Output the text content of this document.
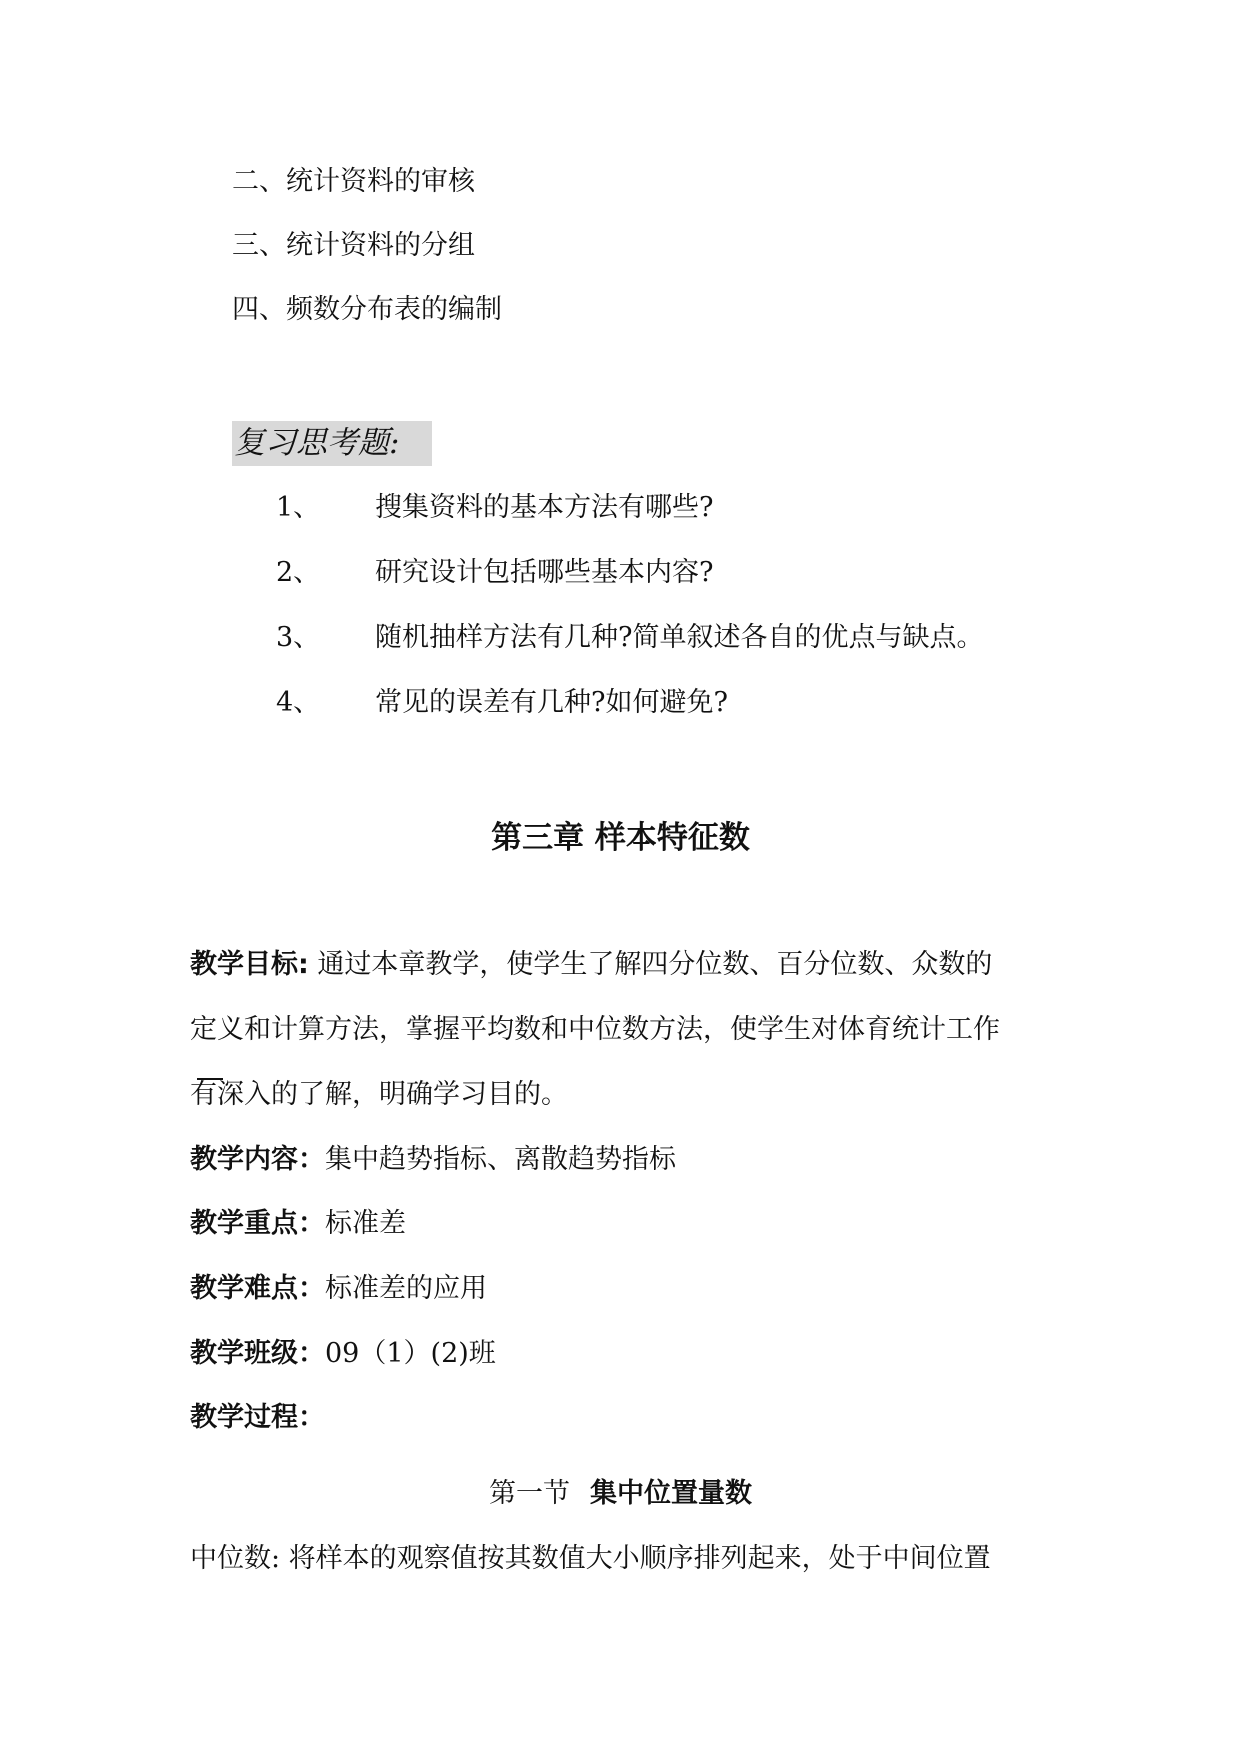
二、统计资料的审核
三、统计资料的分组
四、频数分布表的编制
复习思考题:
1、 搜集资料的基本方法有哪些?
2、 研究设计包括哪些基本内容?
3、 随机抽样方法有几种?简单叙述各自的优点与缺点。
4、 常见的误差有几种?如何避免?
第三章 样本特征数
教学目标: 通过本章教学，使学生了解四分位数、百分位数、众数的
定义和计算方法，掌握平均数和中位数方法，使学生对体育统计工作
有深入的了解，明确学习目的。
教学内容：集中趋势指标、离散趋势指标
教学重点：标准差
教学难点：标准差的应用
教学班级：09（1）(2)班
教学过程：
第一节 集中位置量数
中位数: 将样本的观察值按其数值大小顺序排列起来，处于中间位置
